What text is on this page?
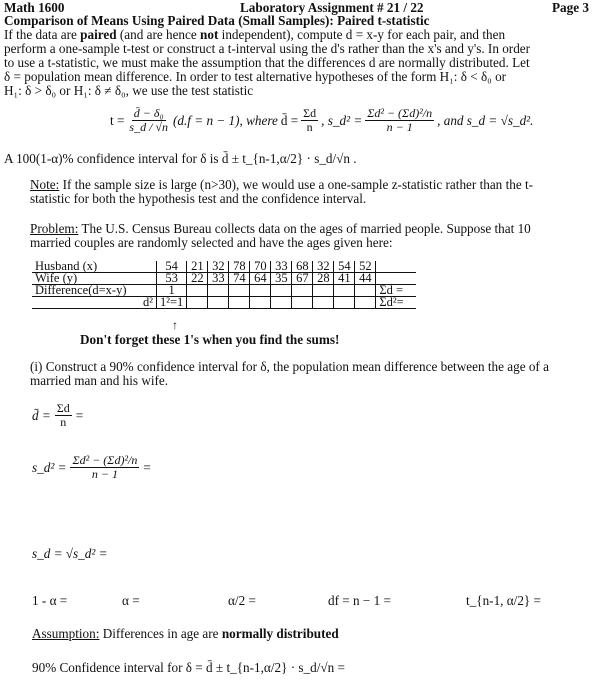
Math 1600	Laboratory Assignment # 21 / 22	Page 3
Comparison of Means Using Paired Data (Small Samples): Paired t-statistic
If the data are paired (and are hence not independent), compute d = x-y for each pair, and then
perform a one-sample t-test or construct a t-interval using the d's rather than the x's and y's. In order
to use a t-statistic, we must make the assumption that the differences d are normally distributed. Let
δ = population mean difference. In order to test alternative hypotheses of the form H₁: δ < δ₀ or
H₁: δ > δ₀ or H₁: δ ≠ δ₀, we use the test statistic
$t = \frac{\text{d̄ − δ₀}}{s\_d / √n} (d.f = n - 1)$, where d̄ = $\frac{\Sigma d}{n}$ , s_d² = $\frac{\text{Σd² − (Σd)²/n}}{n - 1}$ , and s_d = √s_d².
A 100(1-α)% confidence interval for δ is d̄ ± t_{n-1,α/2} · s_d/√n .
Note: If the sample size is large (n>30), we would use a one-sample z-statistic rather than the t-
statistic for both the hypothesis test and the confidence interval.
Problem: The U.S. Census Bureau collects data on the ages of married people. Suppose that 10
married couples are randomly selected and have the ages given here:
Husband (x)	54	21	32	78	70	33	68	32	54	52	
Wife (y)	53	22	33	74	64	35	67	28	41	44	
Difference(d=x-y)	1										Σd =
d²	1²=1										Σd²=
↑
Don't forget these 1's when you find the sums!
(i) Construct a 90% confidence interval for δ, the population mean difference between the age of a
married man and his wife.
d̄ = $\frac{\Sigma d}{n}$ =
s_d² = $\frac{\text{Σd² − (Σd)²/n}}{n - 1}$ =
s_d = √s_d² =
1 - α =	α =	α/2 =	df = n − 1 =	t_{n-1, α/2} =
Assumption: Differences in age are normally distributed
90% Confidence interval for δ = d̄ ± t_{n-1,α/2} · s_d/√n =
